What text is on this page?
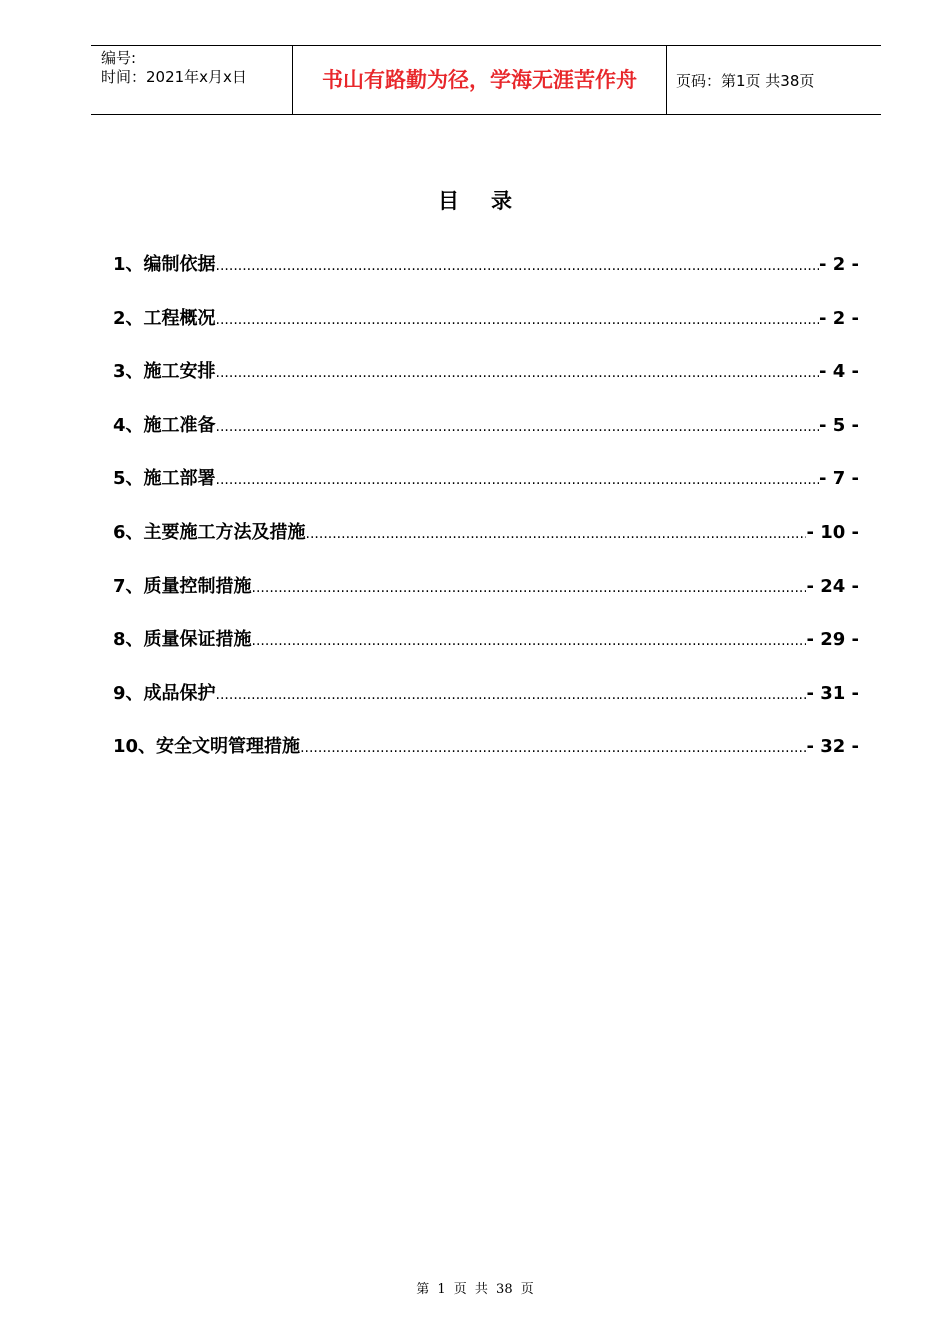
编号:
时间：2021年x月x日	书山有路勤为径，学海无涯苦作舟	页码：第1页 共38页
目录
1、编制依据 .....	- 2 -
2、工程概况 .....	- 2 -
3、施工安排 .....	- 4 -
4、施工准备 .....	- 5 -
5、施工部署 .....	- 7 -
6、主要施工方法及措施 .....	- 10 -
7、质量控制措施 .....	- 24 -
8、质量保证措施 .....	- 29 -
9、成品保护 .....	- 31 -
10、安全文明管理措施 .....	- 32 -
第 1 页 共 38 页
